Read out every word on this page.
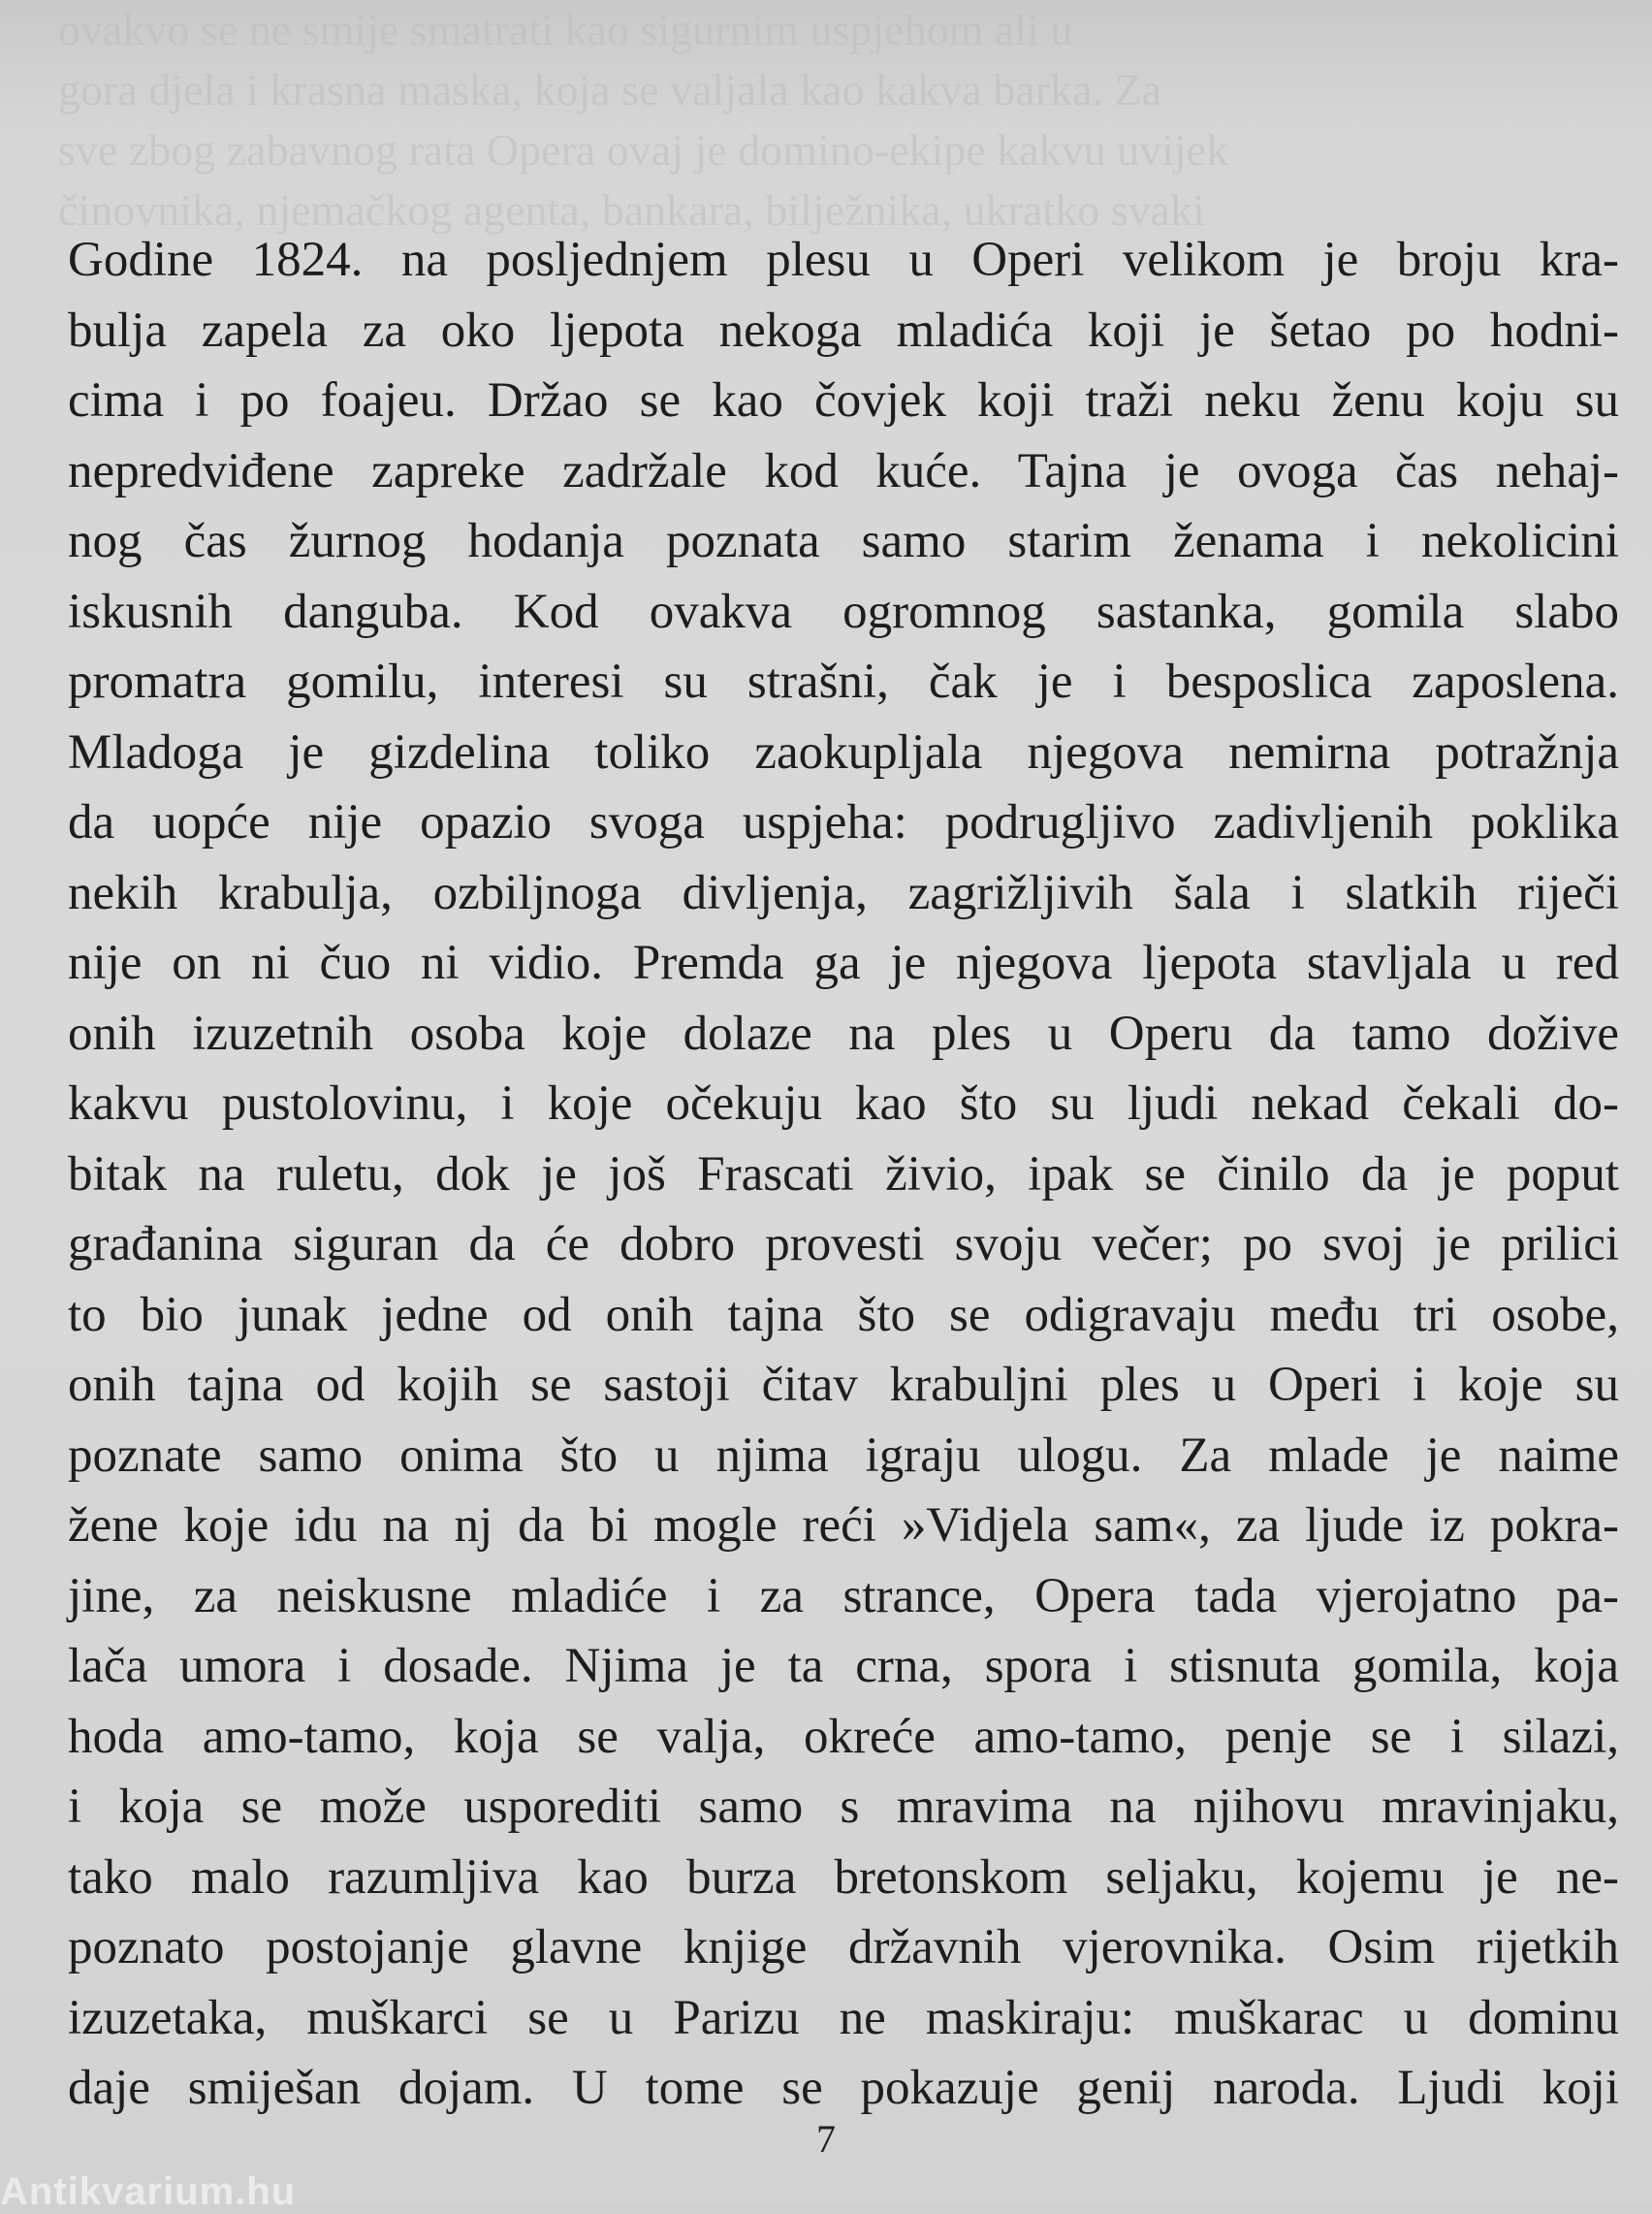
ovakvo se ne smije smatrati kao sigurnim uspjehom ali u
gora djela i krasna maska, koja se valjala kao kakva barka. Za
sve zbog zabavnog rata Opera ovaj je domino-ekipe kakvu uvijek
činovnika, njemačkog agenta, bankara, bilježnika, ukratko svaki
Godine 1824. na posljednjem plesu u Operi velikom je broju kra-
bulja zapela za oko ljepota nekoga mladića koji je šetao po hodni-
cima i po foajeu. Držao se kao čovjek koji traži neku ženu koju su
nepredviđene zapreke zadržale kod kuće. Tajna je ovoga čas nehaj-
nog čas žurnog hodanja poznata samo starim ženama i nekolicini
iskusnih danguba. Kod ovakva ogromnog sastanka, gomila slabo
promatra gomilu, interesi su strašni, čak je i besposlica zaposlena.
Mladoga je gizdelina toliko zaokupljala njegova nemirna potražnja
da uopće nije opazio svoga uspjeha: podrugljivo zadivljenih poklika
nekih krabulja, ozbiljnoga divljenja, zagrižljivih šala i slatkih riječi
nije on ni čuo ni vidio. Premda ga je njegova ljepota stavljala u red
onih izuzetnih osoba koje dolaze na ples u Operu da tamo dožive
kakvu pustolovinu, i koje očekuju kao što su ljudi nekad čekali do-
bitak na ruletu, dok je još Frascati živio, ipak se činilo da je poput
građanina siguran da će dobro provesti svoju večer; po svoj je prilici
to bio junak jedne od onih tajna što se odigravaju među tri osobe,
onih tajna od kojih se sastoji čitav krabuljni ples u Operi i koje su
poznate samo onima što u njima igraju ulogu. Za mlade je naime
žene koje idu na nj da bi mogle reći »Vidjela sam«, za ljude iz pokra-
jine, za neiskusne mladiće i za strance, Opera tada vjerojatno pa-
lača umora i dosade. Njima je ta crna, spora i stisnuta gomila, koja
hoda amo-tamo, koja se valja, okreće amo-tamo, penje se i silazi,
i koja se može usporediti samo s mravima na njihovu mravinjaku,
tako malo razumljiva kao burza bretonskom seljaku, kojemu je ne-
poznato postojanje glavne knjige državnih vjerovnika. Osim rijetkih
izuzetaka, muškarci se u Parizu ne maskiraju: muškarac u dominu
daje smiješan dojam. U tome se pokazuje genij naroda. Ljudi koji
7
Antikvarium.hu
